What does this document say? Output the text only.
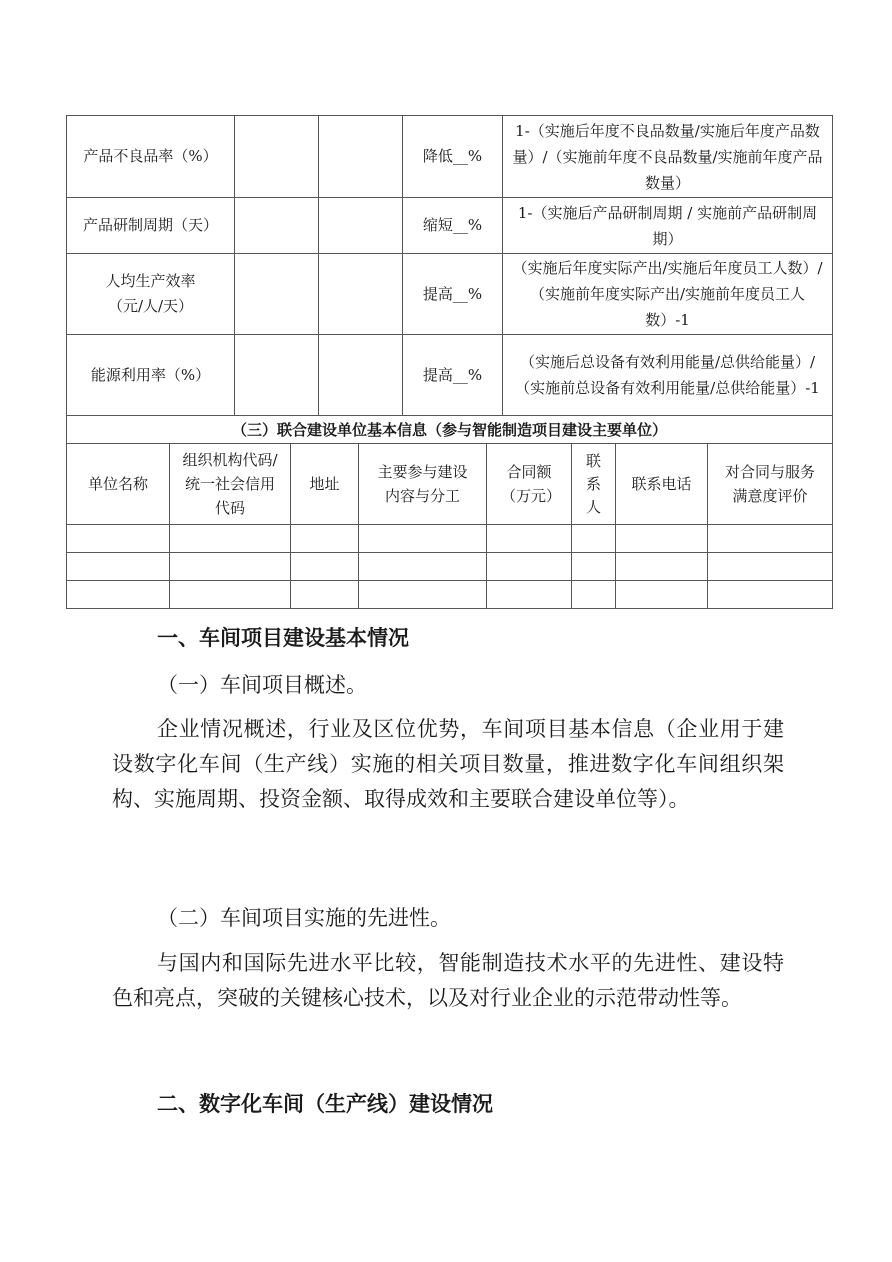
产品不良品率（%）			降低__%	1-（实施后年度不良品数量/实施后年度产品数量）/（实施前年度不良品数量/实施前年度产品数量）
产品研制周期（天）			缩短__%	1-（实施后产品研制周期 / 实施前产品研制周期）
人均生产效率（元/人/天）			提高__%	（实施后年度实际产出/实施后年度员工人数）/（实施前年度实际产出/实施前年度员工人数）-1
能源利用率（%）			提高__%	（实施后总设备有效利用能量/总供给能量）/（实施前总设备有效利用能量/总供给能量）-1
（三）联合建设单位基本信息（参与智能制造项目建设主要单位）				
单位名称	组织机构代码/统一社会信用代码	地址	主要参与建设内容与分工	合同额（万元）	联系人	联系电话	对合同与服务满意度评价

一、车间项目建设基本情况
（一）车间项目概述。
企业情况概述，行业及区位优势，车间项目基本信息（企业用于建设数字化车间（生产线）实施的相关项目数量，推进数字化车间组织架构、实施周期、投资金额、取得成效和主要联合建设单位等）。
（二）车间项目实施的先进性。
与国内和国际先进水平比较，智能制造技术水平的先进性、建设特色和亮点，突破的关键核心技术，以及对行业企业的示范带动性等。
二、数字化车间（生产线）建设情况
